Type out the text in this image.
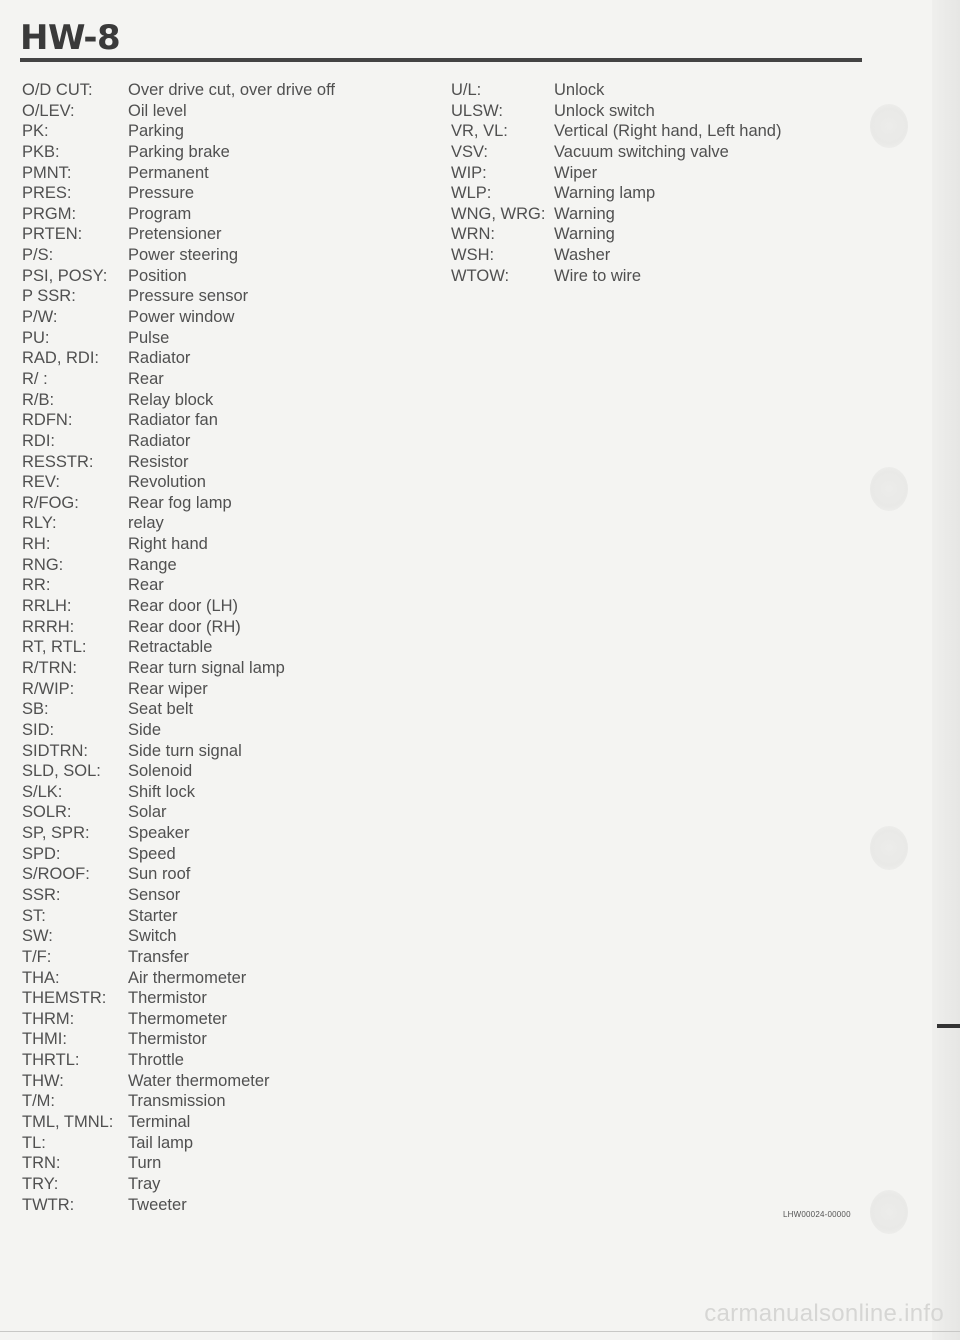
HW-8
O/D CUT: Over drive cut, over drive off
O/LEV:	Oil level
PK:	Parking
PKB:	Parking brake
PMNT:	Permanent
PRES:	Pressure
PRGM:	Program
PRTEN:	Pretensioner
P/S:	Power steering
PSI, POSY: Position
P SSR:	Pressure sensor
P/W:	Power window
PU:	Pulse
RAD, RDI: Radiator
R/ :	Rear
R/B:	Relay block
RDFN:	Radiator fan
RDI:	Radiator
RESSTR: Resistor
REV:	Revolution
R/FOG:	Rear fog lamp
RLY:	relay
RH:	Right hand
RNG:	Range
RR:	Rear
RRLH:	Rear door (LH)
RRRH:	Rear door (RH)
RT, RTL:	Retractable
R/TRN:	Rear turn signal lamp
R/WIP:	Rear wiper
SB:	Seat belt
SID:	Side
SIDTRN: Side turn signal
SLD, SOL: Solenoid
S/LK:	Shift lock
SOLR:	Solar
SP, SPR: Speaker
SPD:	Speed
S/ROOF: Sun roof
SSR:	Sensor
ST:	Starter
SW:	Switch
T/F:	Transfer
THA:	Air thermometer
THEMSTR: Thermistor
THRM:	Thermometer
THMI:	Thermistor
THRTL:	Throttle
THW:	Water thermometer
T/M:	Transmission
TML, TMNL: Terminal
TL:	Tail lamp
TRN:	Turn
TRY:	Tray
TWTR:	Tweeter
U/L:	Unlock
ULSW:	Unlock switch
VR, VL:	Vertical (Right hand, Left hand)
VSV:	Vacuum switching valve
WIP:	Wiper
WLP:	Warning lamp
WNG, WRG: Warning
WRN:	Warning
WSH:	Washer
WTOW:	Wire to wire
LHW00024-00000
carmanualsonline.info
